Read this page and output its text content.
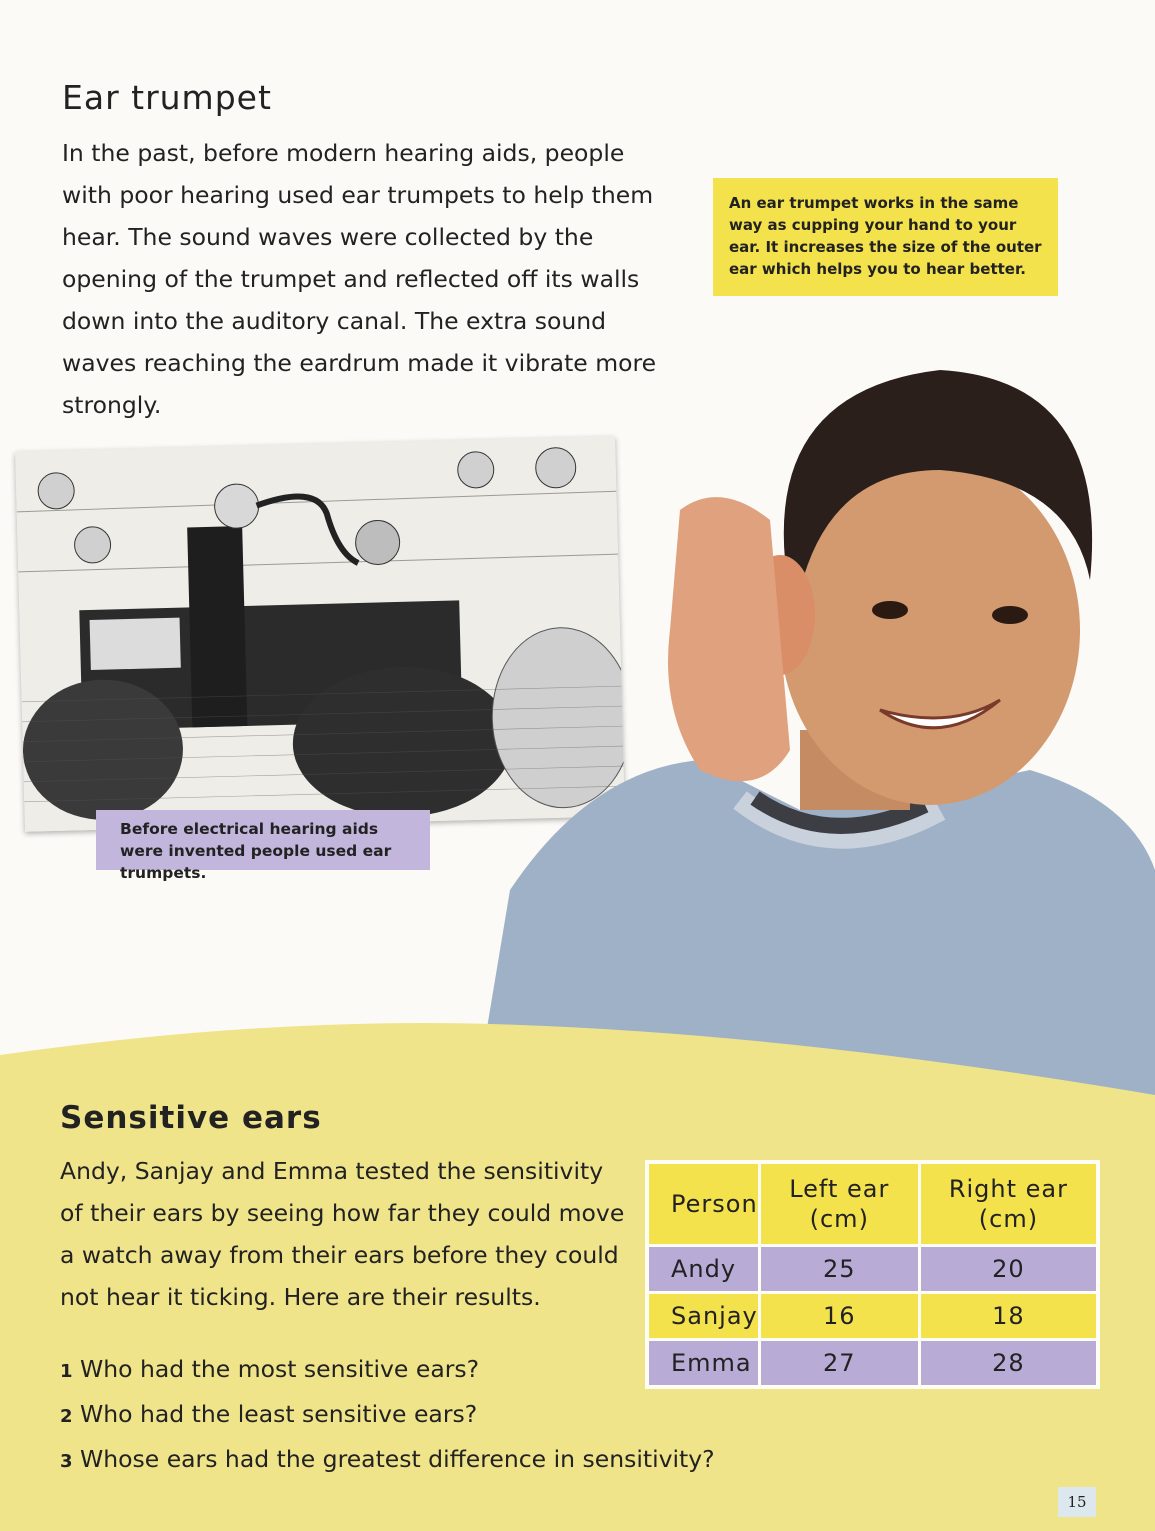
Ear trumpet

In the past, before modern hearing aids, people with poor hearing used ear trumpets to help them hear. The sound waves were collected by the opening of the trumpet and reflected off its walls down into the auditory canal. The extra sound waves reaching the eardrum made it vibrate more strongly.

An ear trumpet works in the same way as cupping your hand to your ear. It increases the size of the outer ear which helps you to hear better.
Before electrical hearing aids were invented people used ear trumpets.
Sensitive ears

Andy, Sanjay and Emma tested the sensitivity of their ears by seeing how far they could move a watch away from their ears before they could not hear it ticking. Here are their results.

1 Who had the most sensitive ears?
2 Who had the least sensitive ears?
3 Whose ears had the greatest difference in sensitivity?
Person	Left ear (cm)	Right ear (cm)
Andy	25	20
Sanjay	16	18
Emma	27	28
15
